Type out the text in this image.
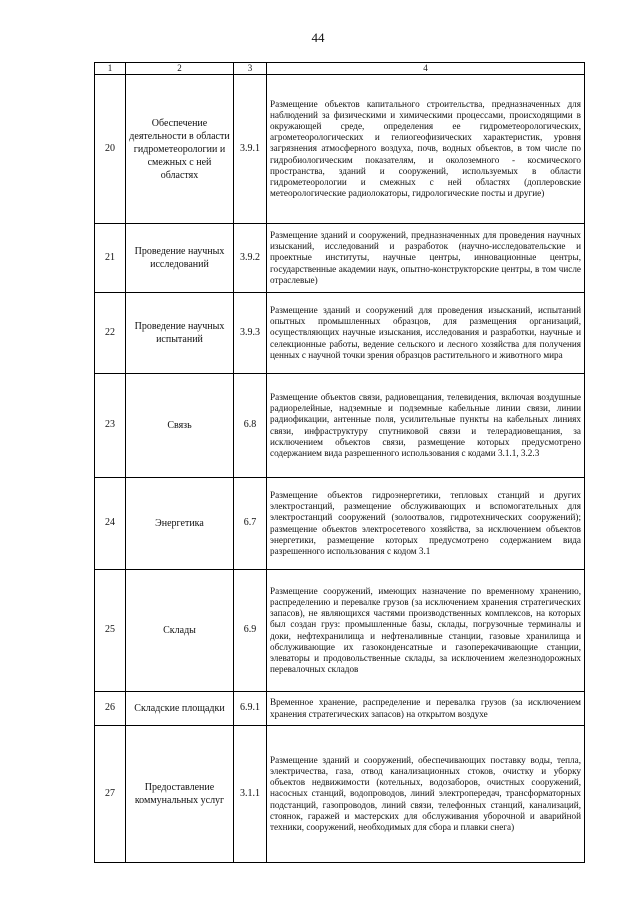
44
1	2	3	4
20	Обеспечение деятельности в области гидрометеорологии и смежных с ней областях	3.9.1	Размещение объектов капитального строительства, предназначенных для наблюдений за физическими и химическими процессами, происходящими в окружающей среде, определения ее гидрометеорологических, агрометеорологических и гелиогеофизических характеристик, уровня загрязнения атмосферного воздуха, почв, водных объектов, в том числе по гидробиологическим показателям, и околоземного - космического пространства, зданий и сооружений, используемых в области гидрометеорологии и смежных с ней областях (доплеровские метеорологические радиолокаторы, гидрологические посты и другие)
21	Проведение научных исследований	3.9.2	Размещение зданий и сооружений, предназначенных для проведения научных изысканий, исследований и разработок (научно-исследовательские и проектные институты, научные центры, инновационные центры, государственные академии наук, опытно-конструкторские центры, в том числе отраслевые)
22	Проведение научных испытаний	3.9.3	Размещение зданий и сооружений для проведения изысканий, испытаний опытных промышленных образцов, для размещения организаций, осуществляющих научные изыскания, исследования и разработки, научные и селекционные работы, ведение сельского и лесного хозяйства для получения ценных с научной точки зрения образцов растительного и животного мира
23	Связь	6.8	Размещение объектов связи, радиовещания, телевидения, включая воздушные радиорелейные, надземные и подземные кабельные линии связи, линии радиофикации, антенные поля, усилительные пункты на кабельных линиях связи, инфраструктуру спутниковой связи и телерадиовещания, за исключением объектов связи, размещение которых предусмотрено содержанием вида разрешенного использования с кодами 3.1.1, 3.2.3
24	Энергетика	6.7	Размещение объектов гидроэнергетики, тепловых станций и других электростанций, размещение обслуживающих и вспомогательных для электростанций сооружений (золоотвалов, гидротехнических сооружений); размещение объектов электросетевого хозяйства, за исключением объектов энергетики, размещение которых предусмотрено содержанием вида разрешенного использования с кодом 3.1
25	Склады	6.9	Размещение сооружений, имеющих назначение по временному хранению, распределению и перевалке грузов (за исключением хранения стратегических запасов), не являющихся частями производственных комплексов, на которых был создан груз: промышленные базы, склады, погрузочные терминалы и доки, нефтехранилища и нефтеналивные станции, газовые хранилища и обслуживающие их газоконденсатные и газоперекачивающие станции, элеваторы и продовольственные склады, за исключением железнодорожных перевалочных складов
26	Складские площадки	6.9.1	Временное хранение, распределение и перевалка грузов (за исключением хранения стратегических запасов) на открытом воздухе
27	Предоставление коммунальных услуг	3.1.1	Размещение зданий и сооружений, обеспечивающих поставку воды, тепла, электричества, газа, отвод канализационных стоков, очистку и уборку объектов недвижимости (котельных, водозаборов, очистных сооружений, насосных станций, водопроводов, линий электропередач, трансформаторных подстанций, газопроводов, линий связи, телефонных станций, канализаций, стоянок, гаражей и мастерских для обслуживания уборочной и аварийной техники, сооружений, необходимых для сбора и плавки снега)
